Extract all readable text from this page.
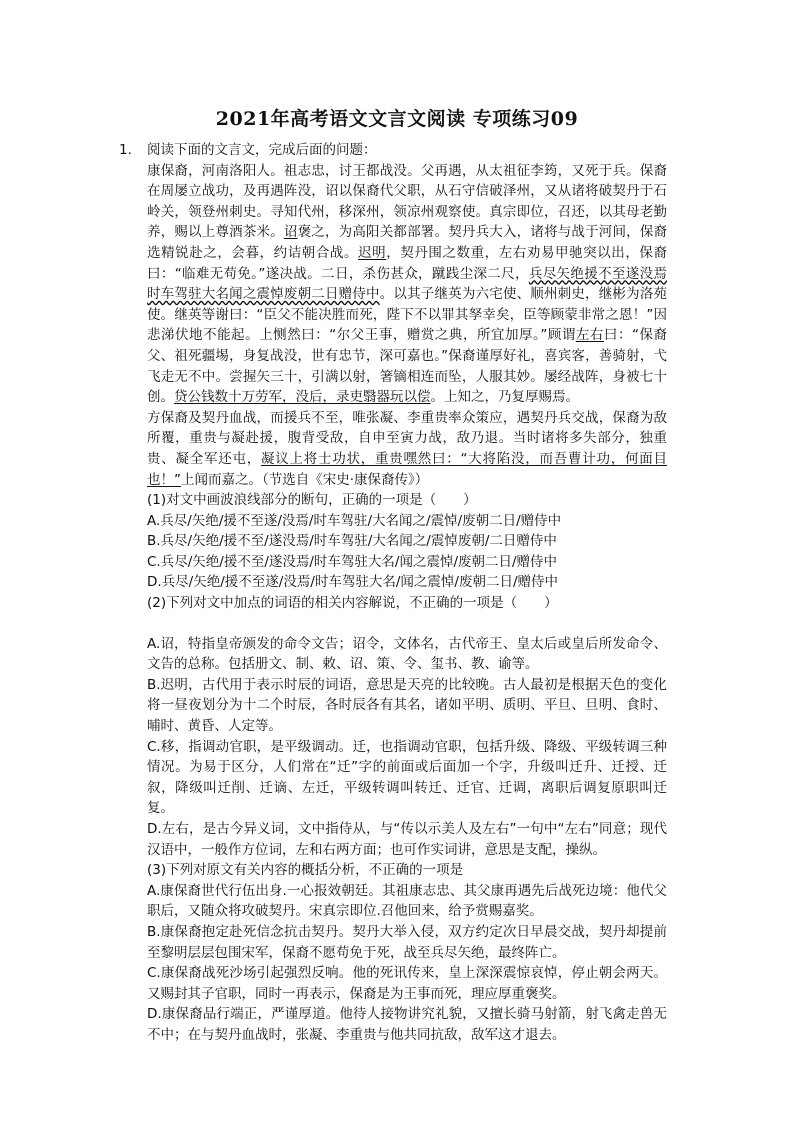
2021年高考语文文言文阅读 专项练习09
1. 阅读下面的文言文，完成后面的问题：

康保裔，河南洛阳人。祖志忠，讨王都战没。父再遇，从太祖征李筠，又死于兵。保裔在周屡立战功，及再遇阵没，诏以保裔代父职，从石守信破泽州，又从诸将破契丹于石岭关，领登州刺史。寻知代州，移深州，领凉州观察使。真宗即位，召还，以其母老勤养，赐以上尊酒茶米。诏褒之，为高阳关都部署。契丹兵大入，诸将与战于河间，保裔选精锐赴之，会暮，约诘朝合战。迟明，契丹围之数重，左右劝易甲驰突以出，保裔曰：“临难无苟免。”遂决战。二日，杀伤甚众，蹴践尘深二尺，兵尽矢绝援不至遂没焉时车驾驻大名闻之震悼废朝二日赠侍中。以其子继英为六宅使、顺州刺史，继彬为洛苑使。继英等谢曰：“臣父不能决胜而死，陛下不以罪其孥幸矣，臣等顾蒙非常之恩！”因悲涕伏地不能起。上恻然曰：“尔父王事，赠赏之典，所宜加厚。”顾谓左右曰：“保裔父、祖死疆埸，身复战没，世有忠节，深可嘉也。”保裔谨厚好礼，喜宾客，善骑射，弋飞走无不中。尝握矢三十，引满以射，箸镝相连而坠，人服其妙。屡经战阵，身被七十创。贷公钱数十万劳军，没后，录吏翳器玩以偿。上知之，乃复厚赐焉。

方保裔及契丹血战，而援兵不至，唯张凝、李重贵率众策应，遇契丹兵交战，保裔为敌所覆，重贵与凝赴援，腹背受敌，自申至寅力战，敌乃退。当时诸将多失部分，独重贵、凝全军还屯，凝议上将士功状，重贵嘿然曰：“大将陷没，而吾曹计功，何面目也！”上闻而嘉之。（节选自《宋史·康保裔传》）

(1)对文中画波浪线部分的断句，正确的一项是（　　）

A.兵尽/矢绝/援不至遂/没焉/时车驾驻/大名闻之/震悼/废朝二日/赠侍中

B.兵尽/矢绝/援不至/遂没焉/时车驾驻/大名闻之/震悼废朝/二日赠侍中

C.兵尽/矢绝/援不至/遂没焉/时车驾驻大名/闻之震悼/废朝二日/赠侍中

D.兵尽/矢绝/援不至遂/没焉/时车驾驻大名/闻之震悼/废朝二日/赠侍中

(2)下列对文中加点的词语的相关内容解说，不正确的一项是（　　）

A.诏，特指皇帝颁发的命令文告；诏令，文体名，古代帝王、皇太后或皇后所发命令、文告的总称。包括册文、制、敕、诏、策、令、玺书、教、谕等。

B.迟明，古代用于表示时辰的词语，意思是天亮的比较晚。古人最初是根据天色的变化将一昼夜划分为十二个时辰，各时辰各有其名，诸如平明、质明、平旦、旦明、食时、晡时、黄昏、人定等。

C.移，指调动官职，是平级调动。迁，也指调动官职，包括升级、降级、平级转调三种情况。为易于区分，人们常在“迁”字的前面或后面加一个字，升级叫迁升、迁授、迁叙，降级叫迁削、迁谪、左迁，平级转调叫转迁、迁官、迁调，离职后调复原职叫迁复。

D.左右，是古今异义词，文中指侍从，与“传以示美人及左右”一句中“左右”同意；现代汉语中，一般作方位词，左和右两方面；也可作实词讲，意思是支配，操纵。

(3)下列对原文有关内容的概括分析，不正确的一项是

A.康保裔世代行伍出身.一心报效朝廷。其祖康志忠、其父康再遇先后战死边境：他代父职后，又随众将攻破契丹。宋真宗即位.召他回来，给予赏赐嘉奖。

B.康保裔抱定赴死信念抗击契丹。契丹大举入侵，双方约定次日早晨交战，契丹却提前至黎明层层包围宋军，保裔不愿苟免于死，战至兵尽矢绝，最终阵亡。

C.康保裔战死沙场引起强烈反响。他的死讯传来，皇上深深震惊哀悼，停止朝会两天。又赐封其子官职，同时一再表示，保裔是为王事而死，理应厚重褒奖。

D.康保裔品行端正，严谨厚道。他待人接物讲究礼貌，又擅长骑马射箭，射飞禽走兽无不中；在与契丹血战时，张凝、李重贵与他共同抗敌，敌军这才退去。
